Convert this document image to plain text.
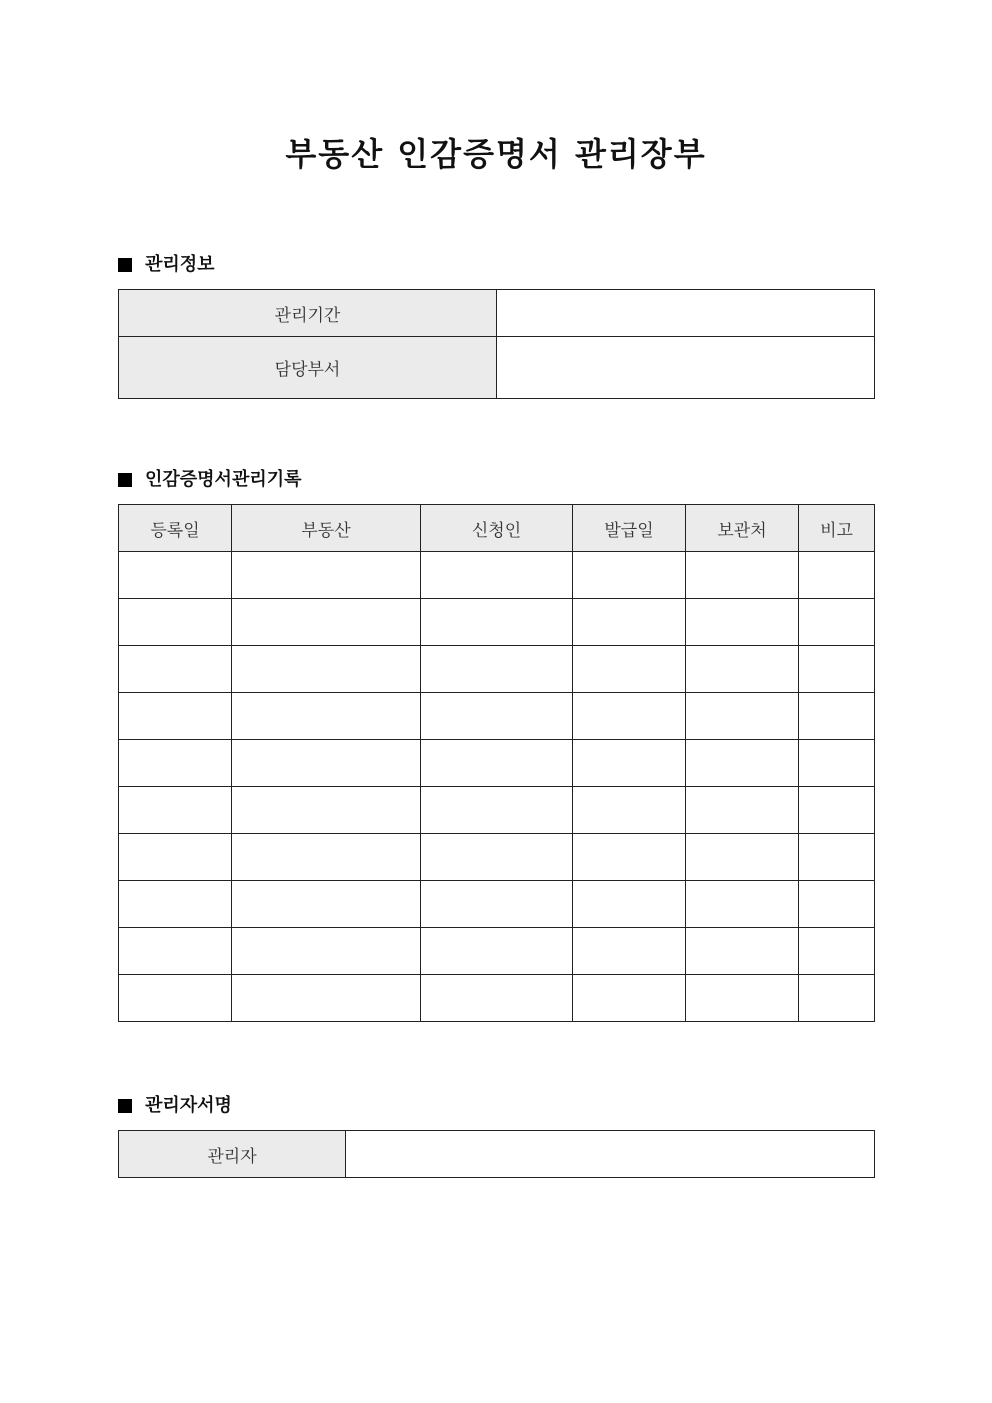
부동산 인감증명서 관리장부
관리정보
관리기간	
담당부서	
인감증명서관리기록
등록일	부동산	신청인	발급일	보관처	비고

관리자서명
관리자	
